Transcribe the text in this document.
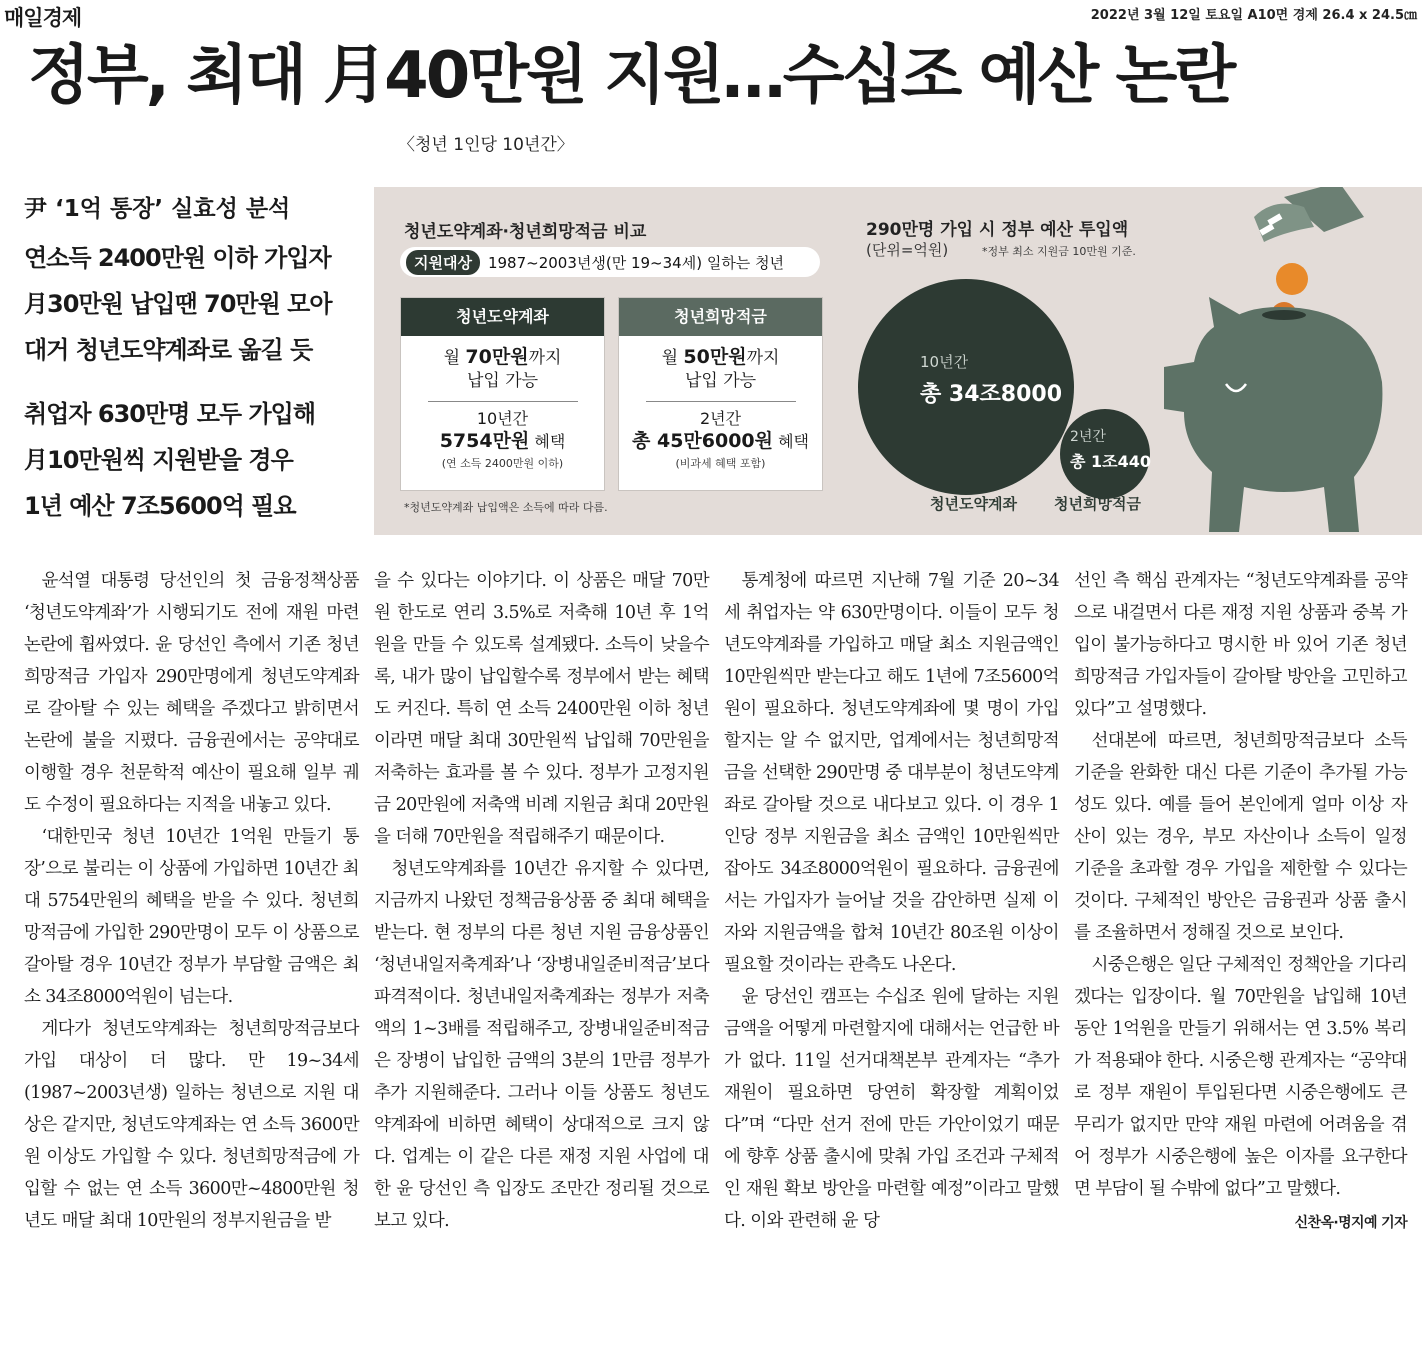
매일경제	2022년 3월 12일 토요일 A10면 경제 26.4 x 24.5㎝
정부, 최대 月40만원 지원…수십조 예산 논란
〈청년 1인당 10년간〉
尹 ‘1억 통장’ 실효성 분석
연소득 2400만원 이하 가입자
月30만원 납입땐 70만원 모아
대거 청년도약계좌로 옮길 듯
취업자 630만명 모두 가입해
月10만원씩 지원받을 경우
1년 예산 7조5600억 필요
청년도약계좌·청년희망적금 비교
지원대상	1987~2003년생(만 19~34세) 일하는 청년
청년도약계좌
월 70만원까지
납입 가능
10년간
5754만원 혜택
(연 소득 2400만원 이하)
청년희망적금
월 50만원까지
납입 가능
2년간
총 45만6000원 혜택
(비과세 혜택 포함)
*청년도약계좌 납입액은 소득에 따라 다름.
290만명 가입 시 정부 예산 투입액
(단위=억원)	*정부 최소 지원금 10만원 기준.
10년간
총 34조8000
2년간
총 1조440
청년도약계좌 청년희망적금

윤석열 대통령 당선인의 첫 금융정책상품 ‘청년도약계좌’가 시행되기도 전에 재원 마련 논란에 휩싸였다. 윤 당선인 측에서 기존 청년희망적금 가입자 290만명에게 청년도약계좌로 갈아탈 수 있는 혜택을 주겠다고 밝히면서 논란에 불을 지폈다. 금융권에서는 공약대로 이행할 경우 천문학적 예산이 필요해 일부 궤도 수정이 필요하다는 지적을 내놓고 있다.

‘대한민국 청년 10년간 1억원 만들기 통장’으로 불리는 이 상품에 가입하면 10년간 최대 5754만원의 혜택을 받을 수 있다. 청년희망적금에 가입한 290만명이 모두 이 상품으로 갈아탈 경우 10년간 정부가 부담할 금액은 최소 34조8000억원이 넘는다.

게다가 청년도약계좌는 청년희망적금보다 가입 대상이 더 많다. 만 19~34세(1987~2003년생) 일하는 청년으로 지원 대상은 같지만, 청년도약계좌는 연 소득 3600만원 이상도 가입할 수 있다. 청년희망적금에 가입할 수 없는 연 소득 3600만~4800만원 청년도 매달 최대 10만원의 정부지원금을 받

을 수 있다는 이야기다. 이 상품은 매달 70만원 한도로 연리 3.5%로 저축해 10년 후 1억원을 만들 수 있도록 설계됐다. 소득이 낮을수록, 내가 많이 납입할수록 정부에서 받는 혜택도 커진다. 특히 연 소득 2400만원 이하 청년이라면 매달 최대 30만원씩 납입해 70만원을 저축하는 효과를 볼 수 있다. 정부가 고정지원금 20만원에 저축액 비례 지원금 최대 20만원을 더해 70만원을 적립해주기 때문이다.

청년도약계좌를 10년간 유지할 수 있다면, 지금까지 나왔던 정책금융상품 중 최대 혜택을 받는다. 현 정부의 다른 청년 지원 금융상품인 ‘청년내일저축계좌’나 ‘장병내일준비적금’보다 파격적이다. 청년내일저축계좌는 정부가 저축액의 1~3배를 적립해주고, 장병내일준비적금은 장병이 납입한 금액의 3분의 1만큼 정부가 추가 지원해준다. 그러나 이들 상품도 청년도약계좌에 비하면 혜택이 상대적으로 크지 않다. 업계는 이 같은 다른 재정 지원 사업에 대한 윤 당선인 측 입장도 조만간 정리될 것으로 보고 있다.

통계청에 따르면 지난해 7월 기준 20~34세 취업자는 약 630만명이다. 이들이 모두 청년도약계좌를 가입하고 매달 최소 지원금액인 10만원씩만 받는다고 해도 1년에 7조5600억원이 필요하다. 청년도약계좌에 몇 명이 가입할지는 알 수 없지만, 업계에서는 청년희망적금을 선택한 290만명 중 대부분이 청년도약계좌로 갈아탈 것으로 내다보고 있다. 이 경우 1인당 정부 지원금을 최소 금액인 10만원씩만 잡아도 34조8000억원이 필요하다. 금융권에서는 가입자가 늘어날 것을 감안하면 실제 이자와 지원금액을 합쳐 10년간 80조원 이상이 필요할 것이라는 관측도 나온다.

윤 당선인 캠프는 수십조 원에 달하는 지원금액을 어떻게 마련할지에 대해서는 언급한 바가 없다. 11일 선거대책본부 관계자는 “추가 재원이 필요하면 당연히 확장할 계획이었다”며 “다만 선거 전에 만든 가안이었기 때문에 향후 상품 출시에 맞춰 가입 조건과 구체적인 재원 확보 방안을 마련할 예정”이라고 말했다. 이와 관련해 윤 당

선인 측 핵심 관계자는 “청년도약계좌를 공약으로 내걸면서 다른 재정 지원 상품과 중복 가입이 불가능하다고 명시한 바 있어 기존 청년희망적금 가입자들이 갈아탈 방안을 고민하고 있다”고 설명했다.

선대본에 따르면, 청년희망적금보다 소득 기준을 완화한 대신 다른 기준이 추가될 가능성도 있다. 예를 들어 본인에게 얼마 이상 자산이 있는 경우, 부모 자산이나 소득이 일정 기준을 초과할 경우 가입을 제한할 수 있다는 것이다. 구체적인 방안은 금융권과 상품 출시를 조율하면서 정해질 것으로 보인다.

시중은행은 일단 구체적인 정책안을 기다리겠다는 입장이다. 월 70만원을 납입해 10년 동안 1억원을 만들기 위해서는 연 3.5% 복리가 적용돼야 한다. 시중은행 관계자는 “공약대로 정부 재원이 투입된다면 시중은행에도 큰 무리가 없지만 만약 재원 마련에 어려움을 겪어 정부가 시중은행에 높은 이자를 요구한다면 부담이 될 수밖에 없다”고 말했다.
신찬옥·명지예 기자
